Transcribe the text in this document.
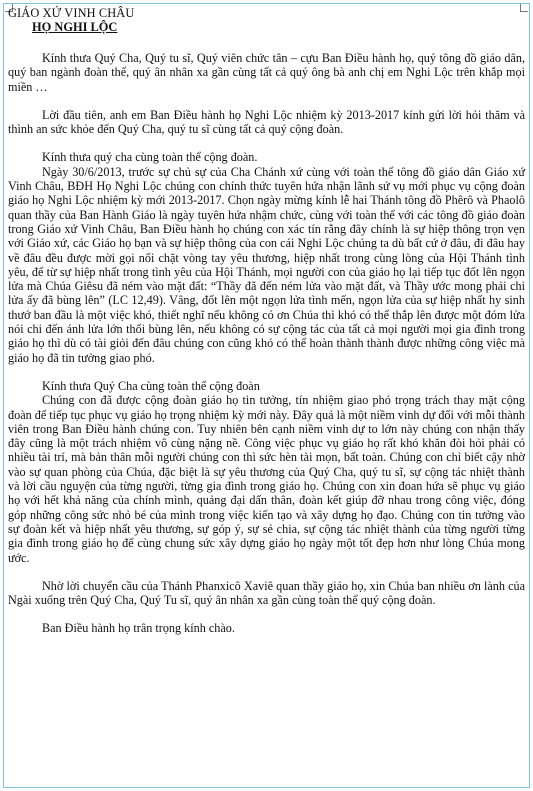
GIÁO XỨ VINH CHÂU
HỌ NGHI LỘC

Kính thưa Quý Cha, Quý tu sĩ, Quý viên chức tân – cựu Ban Điều hành họ, quý tông đồ giáo dân, quý ban ngành đoàn thể, quý ân nhân xa gần cùng tất cả quý ông bà anh chị em Nghi Lộc trên khắp mọi miền …

Lời đầu tiên, anh em Ban Điều hành họ Nghi Lộc nhiệm kỳ 2013-2017 kính gửi lời hỏi thăm và thình an sức khỏe đến Quý Cha, quý tu sĩ cùng tất cả quý cộng đoàn.

Kính thưa quý cha cùng toàn thể cộng đoàn.

Ngày 30/6/2013, trước sự chủ sự của Cha Chánh xứ cùng với toàn thể tông đồ giáo dân Giáo xứ Vinh Châu, BĐH Họ Nghi Lộc chúng con chính thức tuyên hứa nhận lãnh sứ vụ mới phục vụ cộng đoàn giáo họ Nghi Lộc nhiệm kỳ mới 2013-2017. Chọn ngày mừng kính lễ hai Thánh tông đồ Phêrô và Phaolô quan thầy của Ban Hành Giáo là ngày tuyên hứa nhậm chức, cùng với toàn thể với các tông đồ giáo đoàn trong Giáo xứ Vinh Châu, Ban Điều hành họ chúng con xác tín rằng đây chính là sự hiệp thông trọn vẹn với Giáo xứ, các Giáo họ bạn và sự hiệp thông của con cái Nghi Lộc chúng ta dù bất cứ ở đâu, đi đâu hay về đâu đều được mời gọi nối chặt vòng tay yêu thương, hiệp nhất trong cùng lòng của Hội Thánh tình yêu, để từ sự hiệp nhất trong tình yêu của Hội Thánh, mọi người con của giáo họ lại tiếp tục đốt lên ngọn lửa mà Chúa Giêsu đã ném vào mặt đất: “Thầy đã đến ném lửa vào mặt đất, và Thầy ước mong phải chi lửa ấy đã bùng lên” (LC 12,49). Vâng, đốt lên một ngọn lửa tình mến, ngọn lửa của sự hiệp nhất hy sinh thướ ban đầu là một việc khó, thiết nghĩ nếu không có ơn Chúa thì khó có thể thắp lên được một đóm lửa nói chi đến ánh lửa lớn thổi bùng lên, nếu không có sự cộng tác của tất cả mọi người mọi gia đình trong giáo họ thì dù có tài giỏi đến đâu chúng con cũng khó có thể hoàn thành thành được những công việc mà giáo họ đã tin tưởng giao phó.

Kính thưa Quý Cha cùng toàn thể cộng đoàn

Chúng con đã được cộng đoàn giáo họ tin tưởng, tín nhiệm giao phó trọng trách thay mặt cộng đoàn để tiếp tục phục vụ giáo họ trọng nhiệm kỳ mới này. Đây quả là một niềm vinh dự đối với mỗi thành viên trong Ban Điều hành chúng con. Tuy nhiên bên cạnh niềm vinh dự to lớn này chúng con nhận thấy đây cũng là một trách nhiệm vô cùng nặng nề. Công việc phục vụ giáo họ rất khó khăn đòi hỏi phải có nhiều tài trí, mà bản thân mỗi người chúng con thì sức hèn tài mọn, bất toàn. Chúng con chỉ biết cậy nhờ vào sự quan phòng của Chúa, đặc biệt là sự yêu thương của Quý Cha, quý tu sĩ, sự cộng tác nhiệt thành và lời cầu nguyện của từng người, từng gia đình trong giáo họ. Chúng con xin đoan hứa sẽ phục vụ giáo họ với hết khả năng của chính mình, quảng đại dấn thân, đoàn kết giúp đỡ nhau trong công việc, đóng góp những công sức nhỏ bé của mình trong việc kiến tạo và xây dựng họ đạo. Chúng con tin tưởng vào sự đoàn kết và hiệp nhất yêu thương, sự góp ý, sự sẻ chia, sự cộng tác nhiệt thành của từng người từng gia đình trong giáo họ để cùng chung sức xây dựng giáo họ ngày một tốt đẹp hơn như lòng Chúa mong ước.

Nhờ lời chuyển cầu của Thánh Phanxicô Xaviê quan thầy giáo họ, xin Chúa ban nhiều ơn lành của Ngài xuống trên Quý Cha, Quý Tu sĩ, quý ân nhân xa gần cùng toàn thể quý cộng đoàn.

Ban Điều hành họ trân trọng kính chào.
